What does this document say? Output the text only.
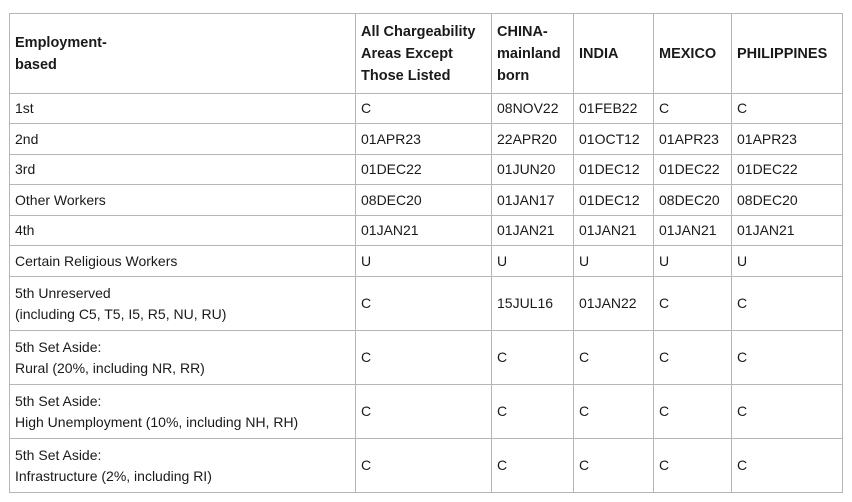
Employment-
based	All Chargeability
Areas Except
Those Listed	CHINA-
mainland
born	INDIA	MEXICO	PHILIPPINES
1st	C	08NOV22	01FEB22	C	C
2nd	01APR23	22APR20	01OCT12	01APR23	01APR23
3rd	01DEC22	01JUN20	01DEC12	01DEC22	01DEC22
Other Workers	08DEC20	01JAN17	01DEC12	08DEC20	08DEC20
4th	01JAN21	01JAN21	01JAN21	01JAN21	01JAN21
Certain Religious Workers	U	U	U	U	U
5th Unreserved
(including C5, T5, I5, R5, NU, RU)	C	15JUL16	01JAN22	C	C
5th Set Aside:
Rural (20%, including NR, RR)	C	C	C	C	C
5th Set Aside:
High Unemployment (10%, including NH, RH)	C	C	C	C	C
5th Set Aside:
Infrastructure (2%, including RI)	C	C	C	C	C
